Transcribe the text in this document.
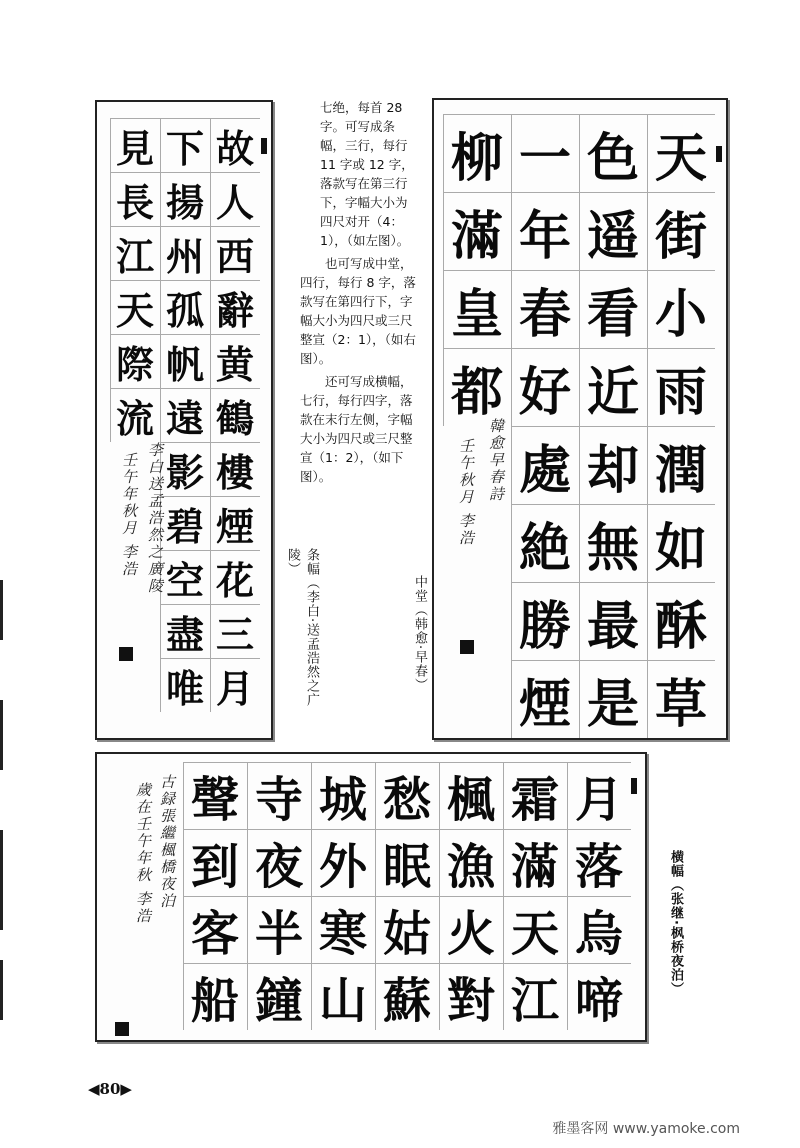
故
人
西
辭
黄
鶴
樓
煙
花
三
月
下
揚
州
孤
帆
遠
影
碧
空
盡
唯
見
長
江
天
際
流
李白送孟浩然之廣陵
壬午年秋月 李浩
条幅（李白·送孟浩然之广陵）

七绝，每首 28 字。可写成条幅，三行，每行 11 字或 12 字，落款写在第三行下，字幅大小为四尺对开（4：1），（如左图）。

也可写成中堂，四行，每行 8 字，落款写在第四行下，字幅大小为四尺或三尺整宣（2：1），（如右图）。

还可写成横幅，七行，每行四字，落款在末行左侧，字幅大小为四尺或三尺整宣（1：2），（如下图）。

中堂（韩愈·早春）
天
街
小
雨
潤
如
酥
草
色
遥
看
近
却
無
最
是
一
年
春
好
處
絶
勝
煙
柳
滿
皇
都
韓愈早春詩
壬午秋月 李浩
月
落
烏
啼
霜
滿
天
江
楓
漁
火
對
愁
眠
姑
蘇
城
外
寒
山
寺
夜
半
鐘
聲
到
客
船
古録張繼楓橋夜泊
歲在壬午年秋 李浩	横幅（张继·枫桥夜泊）
◀80▶
雅墨客网 www.yamoke.com
